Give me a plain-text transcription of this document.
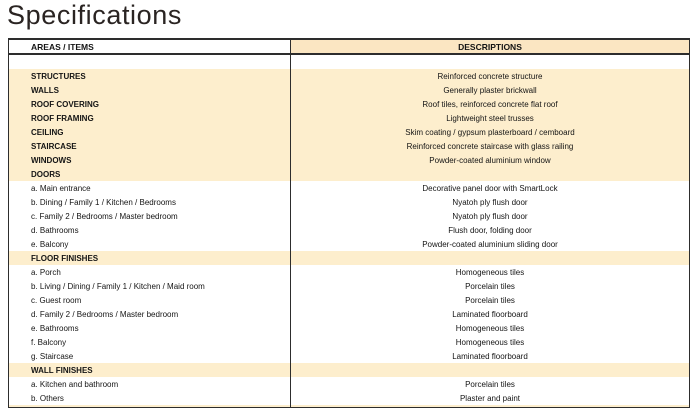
Specifications
AREAS / ITEMS	DESCRIPTIONS
STRUCTURES	Reinforced concrete structure
WALLS	Generally plaster brickwall
ROOF COVERING	Roof tiles, reinforced concrete flat roof
ROOF FRAMING	Lightweight steel trusses
CEILING	Skim coating / gypsum plasterboard / cemboard
STAIRCASE	Reinforced concrete staircase with glass railing
WINDOWS	Powder-coated aluminium window
DOORS
a. Main entrance	Decorative panel door with SmartLock
b. Dining / Family 1 / Kitchen / Bedrooms	Nyatoh ply flush door
c. Family 2 / Bedrooms / Master bedroom	Nyatoh ply flush door
d. Bathrooms	Flush door, folding door
e. Balcony	Powder-coated aluminium sliding door
FLOOR FINISHES
a. Porch	Homogeneous tiles
b. Living / Dining / Family 1 / Kitchen / Maid room	Porcelain tiles
c. Guest room	Porcelain tiles
d. Family 2 / Bedrooms / Master bedroom	Laminated floorboard
e. Bathrooms	Homogeneous tiles
f. Balcony	Homogeneous tiles
g. Staircase	Laminated floorboard
WALL FINISHES
a. Kitchen and bathroom	Porcelain tiles
b. Others	Plaster and paint
